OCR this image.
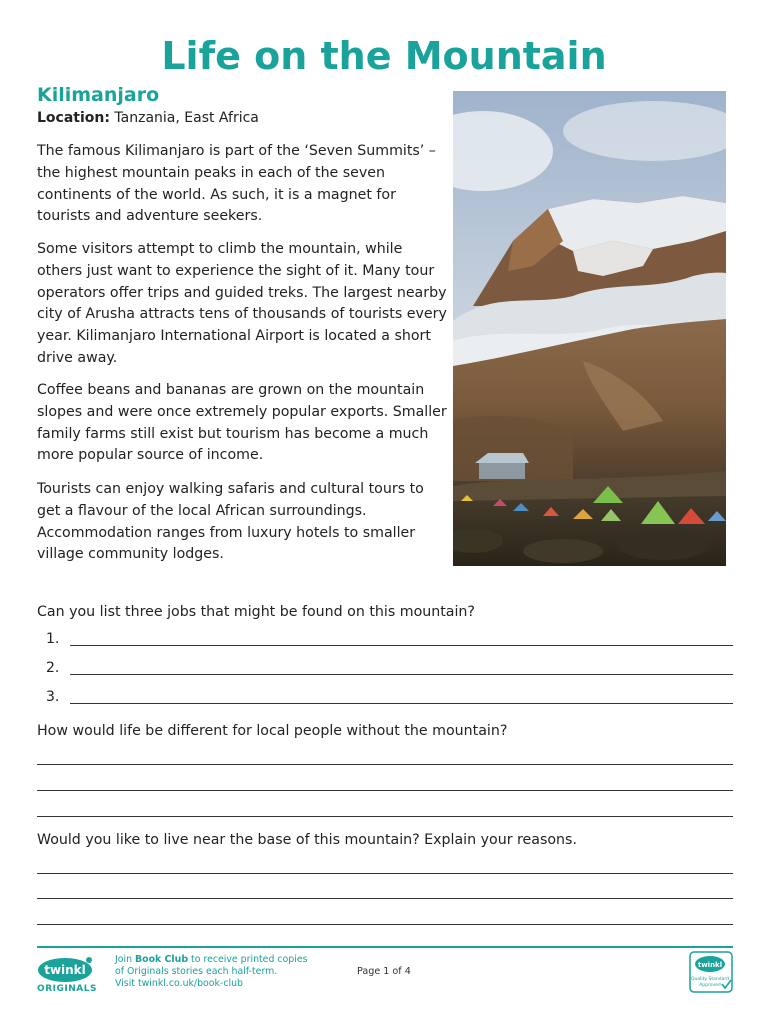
Life on the Mountain
Kilimanjaro
Location: Tanzania, East Africa

The famous Kilimanjaro is part of the ‘Seven Summits’ – the highest mountain peaks in each of the seven continents of the world. As such, it is a magnet for tourists and adventure seekers.

Some visitors attempt to climb the mountain, while others just want to experience the sight of it. Many tour operators offer trips and guided treks. The largest nearby city of Arusha attracts tens of thousands of tourists every year. Kilimanjaro International Airport is located a short drive away.

Coffee beans and bananas are grown on the mountain slopes and were once extremely popular exports. Smaller family farms still exist but tourism has become a much more popular source of income.

Tourists can enjoy walking safaris and cultural tours to get a flavour of the local African surroundings. Accommodation ranges from luxury hotels to smaller village community lodges.

Can you list three jobs that might be found on this mountain?
1.
2.
3.
How would life be different for local people without the mountain?
Would you like to live near the base of this mountain? Explain your reasons.
twinkl
ORIGINALS
Join Book Club to receive printed copies
of Originals stories each half-term.
Visit twinkl.co.uk/book-club
Page 1 of 4
twinkl
Quality Standard
Approved
